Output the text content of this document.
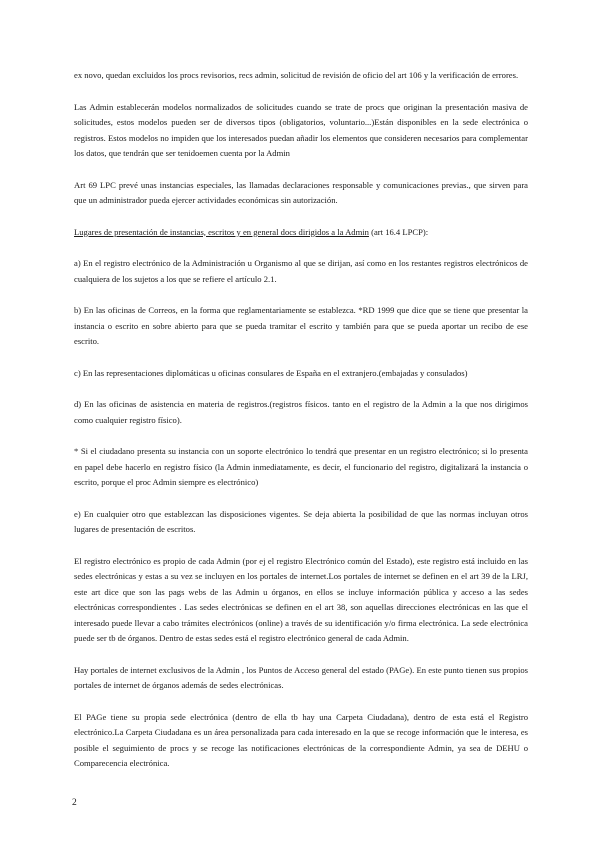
ex novo, quedan excluidos los procs revisorios, recs admin, solicitud de revisión de oficio del art 106 y la verificación de errores.

Las Admin establecerán modelos normalizados de solicitudes cuando se trate de procs que originan la presentación masiva de solicitudes, estos modelos pueden ser de diversos tipos (obligatorios, voluntario...)Están disponibles en la sede electrónica o registros. Estos modelos no impiden que los interesados puedan añadir los elementos que consideren necesarios para complementar los datos, que tendrán que ser tenidoemen cuenta por la Admin

Art 69 LPC prevé unas instancias especiales, las llamadas declaraciones responsable y comunicaciones previas., que sirven para que un administrador pueda ejercer actividades económicas sin autorización.

Lugares de presentación de instancias, escritos y en general docs dirigidos a la Admin (art 16.4 LPCP):

a) En el registro electrónico de la Administración u Organismo al que se dirijan, así como en los restantes registros electrónicos de cualquiera de los sujetos a los que se refiere el artículo 2.1.

b) En las oficinas de Correos, en la forma que reglamentariamente se establezca. *RD 1999 que dice que se tiene que presentar la instancia o escrito en sobre abierto para que se pueda tramitar el escrito y también para que se pueda aportar un recibo de ese escrito.

c) En las representaciones diplomáticas u oficinas consulares de España en el extranjero.(embajadas y consulados)

d) En las oficinas de asistencia en materia de registros.(registros físicos. tanto en el registro de la Admin a la que nos dirigimos como cualquier registro físico).

* Si el ciudadano presenta su instancia con un soporte electrónico lo tendrá que presentar en un registro electrónico; si lo presenta en papel debe hacerlo en registro físico (la Admin inmediatamente, es decir, el funcionario del registro, digitalizará la instancia o escrito, porque el proc Admin siempre es electrónico)

e) En cualquier otro que establezcan las disposiciones vigentes. Se deja abierta la posibilidad de que las normas incluyan otros lugares de presentación de escritos.

El registro electrónico es propio de cada Admin (por ej el registro Electrónico común del Estado), este registro está incluido en las sedes electrónicas y estas a su vez se incluyen en los portales de internet.Los portales de internet se definen en el art 39 de la LRJ, este art dice que son las pags webs de las Admin u órganos, en ellos se incluye información pública y acceso a las sedes electrónicas correspondientes . Las sedes electrónicas se definen en el art 38, son aquellas direcciones electrónicas en las que el interesado puede llevar a cabo trámites electrónicos (online) a través de su identificación y/o firma electrónica. La sede electrónica puede ser tb de órganos. Dentro de estas sedes está el registro electrónico general de cada Admin.

Hay portales de internet exclusivos de la Admin , los Puntos de Acceso general del estado (PAGe). En este punto tienen sus propios portales de internet de órganos además de sedes electrónicas.

El PAGe tiene su propia sede electrónica (dentro de ella tb hay una Carpeta Ciudadana), dentro de esta está el Registro electrónico.La Carpeta Ciudadana es un área personalizada para cada interesado en la que se recoge información que le interesa, es posible el seguimiento de procs y se recoge las notificaciones electrónicas de la correspondiente Admin, ya sea de DEHU o Comparecencia electrónica.

2
